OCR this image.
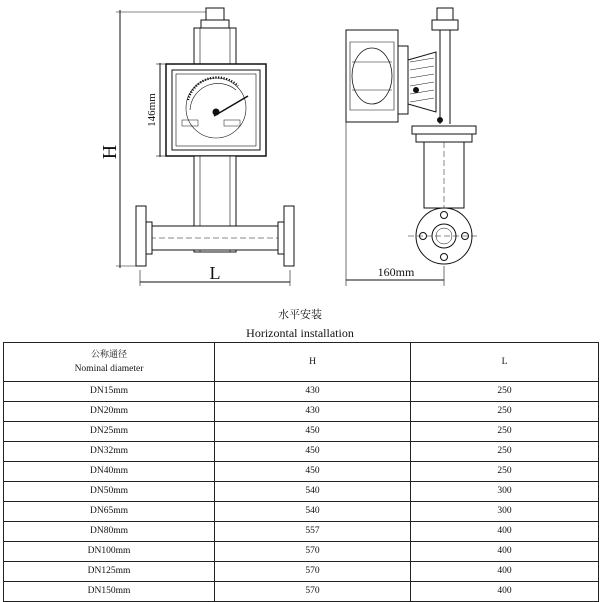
H
146mm
L	160mm
水平安装
Horizontal installation
公称通径
Nominal diameter	H	L
DN15mm	430	250
DN20mm	430	250
DN25mm	450	250
DN32mm	450	250
DN40mm	450	250
DN50mm	540	300
DN65mm	540	300
DN80mm	557	400
DN100mm	570	400
DN125mm	570	400
DN150mm	570	400
